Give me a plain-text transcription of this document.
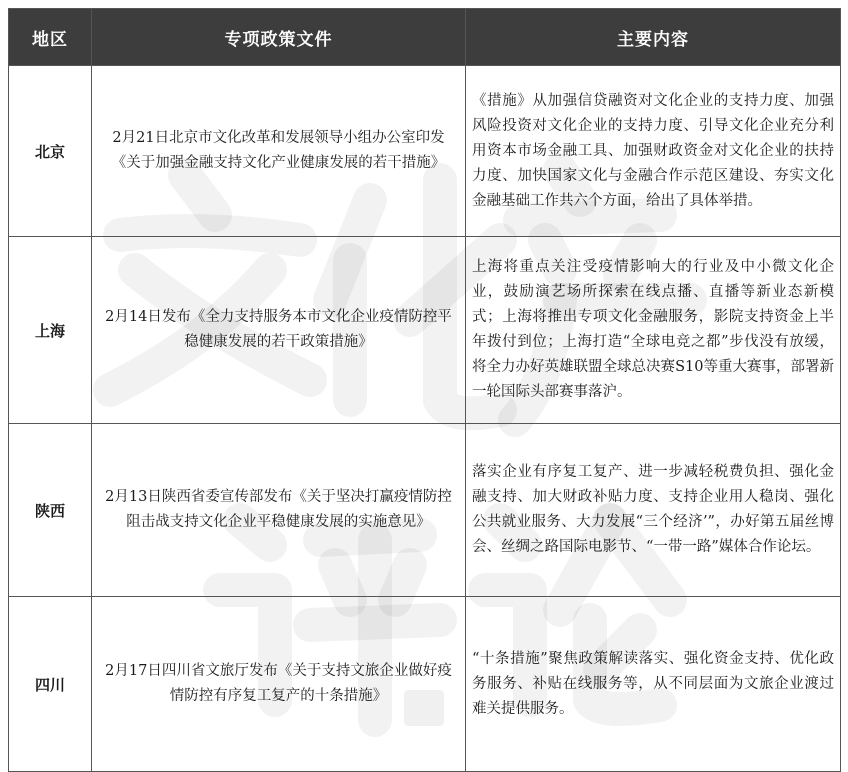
地区	专项政策文件	主要内容
北京	2月21日北京市文化改革和发展领导小组办公室印发《关于加强金融支持文化产业健康发展的若干措施》	《措施》从加强信贷融资对文化企业的支持力度、加强风险投资对文化企业的支持力度、引导文化企业充分利用资本市场金融工具、加强财政资金对文化企业的扶持力度、加快国家文化与金融合作示范区建设、夯实文化金融基础工作共六个方面，给出了具体举措。
上海	2月14日发布《全力支持服务本市文化企业疫情防控平稳健康发展的若干政策措施》	上海将重点关注受疫情影响大的行业及中小微文化企业，鼓励演艺场所探索在线点播、直播等新业态新模式；上海将推出专项文化金融服务，影院支持资金上半年拨付到位；上海打造“全球电竞之都”步伐没有放缓，将全力办好英雄联盟全球总决赛S10等重大赛事，部署新一轮国际头部赛事落沪。
陕西	2月13日陕西省委宣传部发布《关于坚决打赢疫情防控阻击战支持文化企业平稳健康发展的实施意见》	落实企业有序复工复产、进一步减轻税费负担、强化金融支持、加大财政补贴力度、支持企业用人稳岗、强化公共就业服务、大力发展“三个经济’”，办好第五届丝博会、丝绸之路国际电影节、“一带一路”媒体合作论坛。
四川	2月17日四川省文旅厅发布《关于支持文旅企业做好疫情防控有序复工复产的十条措施》	“十条措施”聚焦政策解读落实、强化资金支持、优化政务服务、补贴在线服务等，从不同层面为文旅企业渡过难关提供服务。
